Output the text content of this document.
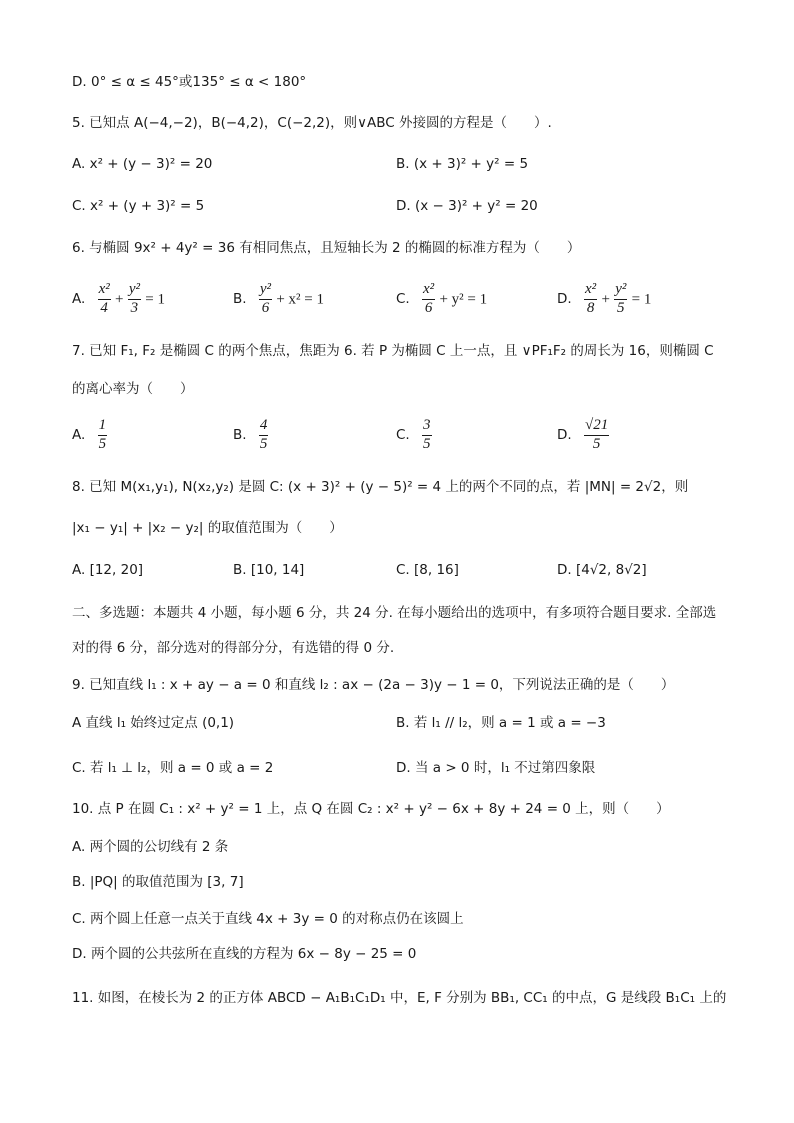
D. 0° ≤ α ≤ 45°或135° ≤ α < 180°
5. 已知点 A(−4,−2)，B(−4,2)，C(−2,2)，则∨ABC 外接圆的方程是（　　）.
A. x² + (y − 3)² = 20	B. (x + 3)² + y² = 5
C. x² + (y + 3)² = 5	D. (x − 3)² + y² = 20
6. 与椭圆 9x² + 4y² = 36 有相同焦点，且短轴长为 2 的椭圆的标准方程为（　　）
A. $\frac{\text{x²}}{4} + \frac{\text{y²}}{3} = 1$	B. $\frac{\text{y²}}{6} + x^2 = 1$	C. $\frac{\text{x²}}{6} + y^2 = 1$	D. $\frac{\text{x²}}{8} + \frac{\text{y²}}{5} = 1$
7. 已知 F₁, F₂ 是椭圆 C 的两个焦点，焦距为 6. 若 P 为椭圆 C 上一点，且 ∨PF₁F₂ 的周长为 16，则椭圆 C
的离心率为（　　）
A. $\frac{1}{5}$	B. $\frac{4}{5}$	C. $\frac{3}{5}$	D. $\frac{√21}{5}$
8. 已知 M(x₁,y₁), N(x₂,y₂) 是圆 C: (x + 3)² + (y − 5)² = 4 上的两个不同的点，若 |MN| = 2√2，则
|x₁ − y₁| + |x₂ − y₂| 的取值范围为（　　）
A. [12, 20]	B. [10, 14]	C. [8, 16]	D. [4√2, 8√2]
二、多选题：本题共 4 小题，每小题 6 分，共 24 分. 在每小题给出的选项中，有多项符合题目要求. 全部选
对的得 6 分，部分选对的得部分分，有选错的得 0 分.
9. 已知直线 l₁ : x + ay − a = 0 和直线 l₂ : ax − (2a − 3)y − 1 = 0，下列说法正确的是（　　）
A 直线 l₁ 始终过定点 (0,1)	B. 若 l₁ // l₂，则 a = 1 或 a = −3
C. 若 l₁ ⊥ l₂，则 a = 0 或 a = 2	D. 当 a > 0 时，l₁ 不过第四象限
10. 点 P 在圆 C₁ : x² + y² = 1 上，点 Q 在圆 C₂ : x² + y² − 6x + 8y + 24 = 0 上，则（　　）
A. 两个圆的公切线有 2 条
B. |PQ| 的取值范围为 [3, 7]
C. 两个圆上任意一点关于直线 4x + 3y = 0 的对称点仍在该圆上
D. 两个圆的公共弦所在直线的方程为 6x − 8y − 25 = 0
11. 如图，在棱长为 2 的正方体 ABCD − A₁B₁C₁D₁ 中，E, F 分别为 BB₁, CC₁ 的中点，G 是线段 B₁C₁ 上的
